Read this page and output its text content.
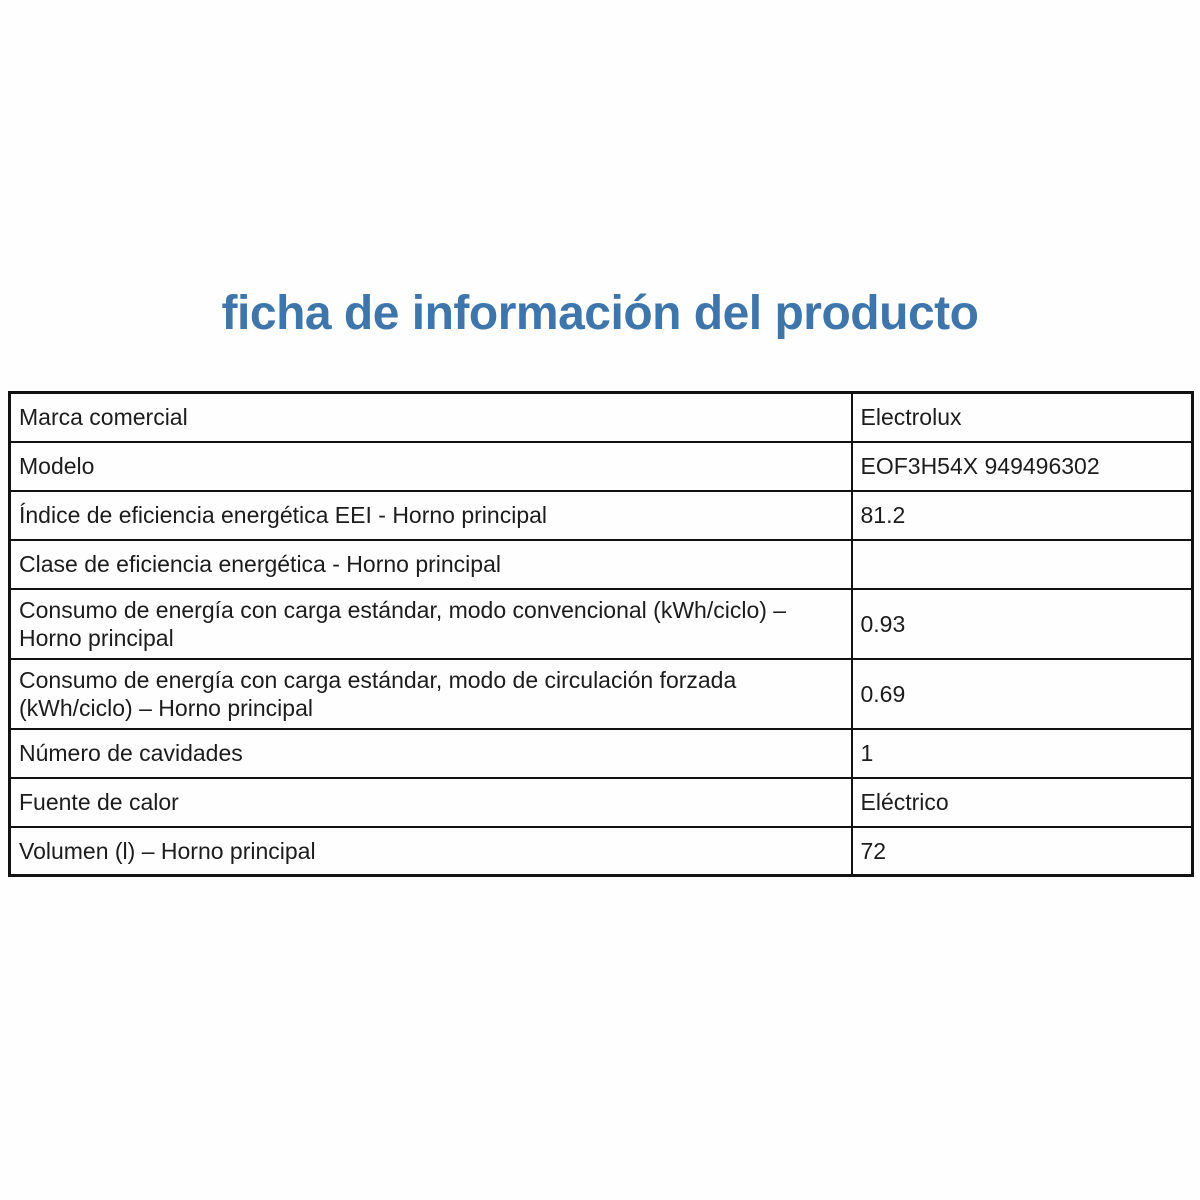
ficha de información del producto
Marca comercial	Electrolux
Modelo	EOF3H54X 949496302
Índice de eficiencia energética EEI - Horno principal	81.2
Clase de eficiencia energética - Horno principal	
Consumo de energía con carga estándar, modo convencional (kWh/ciclo) – Horno principal	0.93
Consumo de energía con carga estándar, modo de circulación forzada (kWh/ciclo) – Horno principal	0.69
Número de cavidades	1
Fuente de calor	Eléctrico
Volumen (l) – Horno principal	72
